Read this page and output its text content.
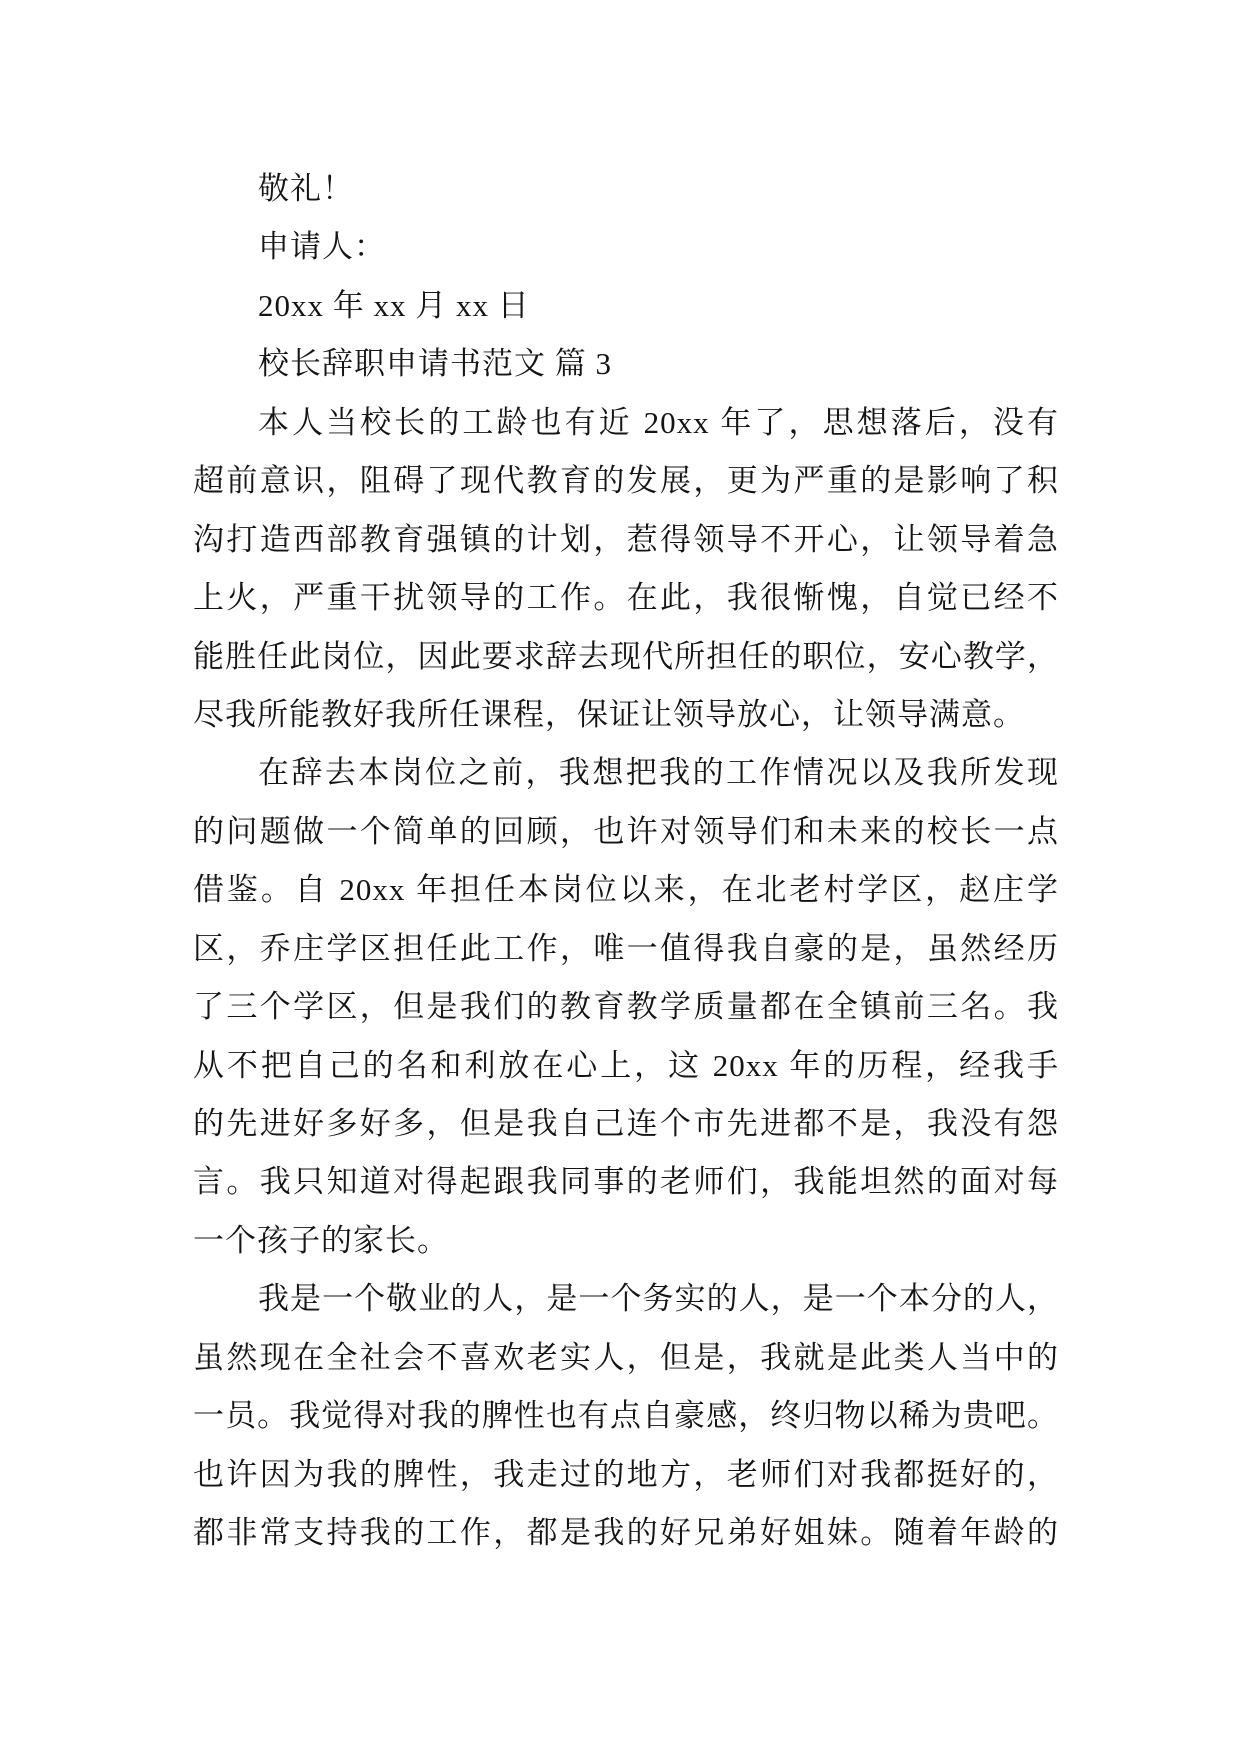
敬礼！
申请人：
20xx 年 xx 月 xx 日
校长辞职申请书范文 篇 3
本人当校长的工龄也有近 20xx 年了，思想落后，没有
超前意识，阻碍了现代教育的发展，更为严重的是影响了积
沟打造西部教育强镇的计划，惹得领导不开心，让领导着急
上火，严重干扰领导的工作。在此，我很惭愧，自觉已经不
能胜任此岗位，因此要求辞去现代所担任的职位，安心教学，
尽我所能教好我所任课程，保证让领导放心，让领导满意。
在辞去本岗位之前，我想把我的工作情况以及我所发现
的问题做一个简单的回顾，也许对领导们和未来的校长一点
借鉴。自 20xx 年担任本岗位以来，在北老村学区，赵庄学
区，乔庄学区担任此工作，唯一值得我自豪的是，虽然经历
了三个学区，但是我们的教育教学质量都在全镇前三名。我
从不把自己的名和利放在心上，这 20xx 年的历程，经我手
的先进好多好多，但是我自己连个市先进都不是，我没有怨
言。我只知道对得起跟我同事的老师们，我能坦然的面对每
一个孩子的家长。
我是一个敬业的人，是一个务实的人，是一个本分的人，
虽然现在全社会不喜欢老实人，但是，我就是此类人当中的
一员。我觉得对我的脾性也有点自豪感，终归物以稀为贵吧。
也许因为我的脾性，我走过的地方，老师们对我都挺好的，
都非常支持我的工作，都是我的好兄弟好姐妹。随着年龄的
